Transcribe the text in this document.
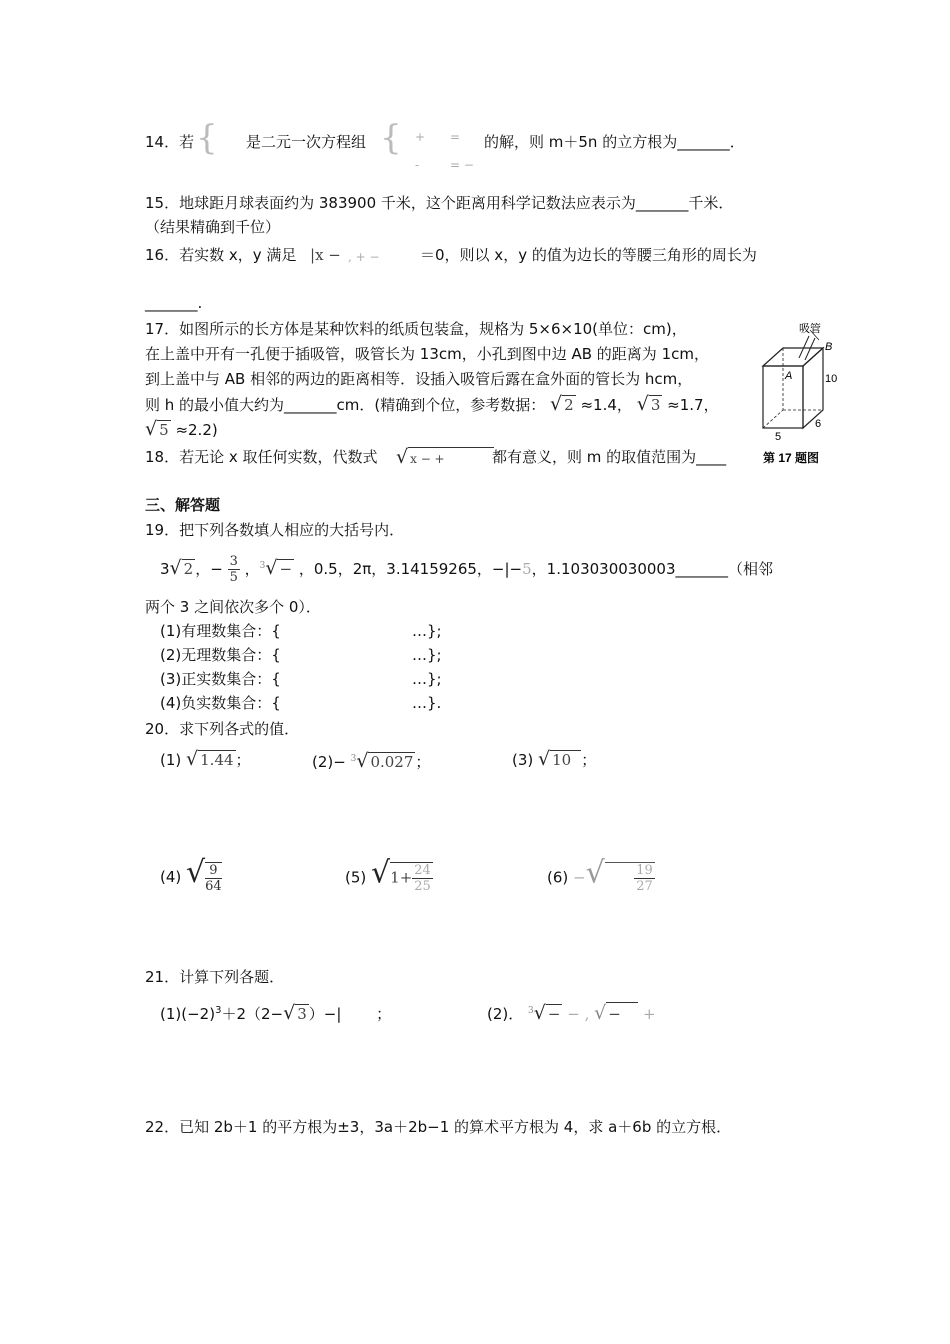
14．若 { 是二元一次方程组 { + =
-	= −
的解，则 m＋5n 的立方根为_______．
15．地球距月球表面约为 383900 千米，这个距离用科学记数法应表示为_______千米．
（结果精确到千位）
16．若实数 x，y 满足 |x − , + −	＝0，则以 x，y 的值为边长的等腰三角形的周长为
_______.
17．如图所示的长方体是某种饮料的纸质包装盒，规格为 5×6×10(单位：cm)，
在上盖中开有一孔便于插吸管，吸管长为 13cm，小孔到图中边 AB 的距离为 1cm，
到上盖中与 AB 相邻的两边的距离相等．设插入吸管后露在盒外面的管长为 hcm，
则 h 的最小值大约为_______cm．(精确到个位，参考数据： √ 2 ≈1.4， √ 3 ≈1.7，
√ 5 ≈2.2)
吸管
B
A	10
6
5
第 17 题图
18．若无论 x 取任何实数，代数式 √ x − +	都有意义，则 m 的取值范围为____
三、解答题
19．把下列各数填人相应的大括号内．
3√ 2 ，− $\frac{3}{5}$ ，$^3$√ − ，0.5，2π，3.14159265，−|−5，1.103030030003_______（相邻
两个 3 之间依次多个 0）．
(1)有理数集合：{	…};
(2)无理数集合：{	…};
(3)正实数集合：{	…};
(4)负实数集合：{	…}.
20．求下列各式的值．
(1) √ 1.44 ；	(2)− $^3$√ 0.027 ；	(3) √ 10 ；
(4) √ $\frac{9}{64}$	(5) $√1+ \frac{24}{25}$	(6) −√ $\frac{19}{27}$
21．计算下列各题．
$(1)(-2)^3+2(2-√$ 3 ）−| ；	(2)． $^3$√ − − , √ − +
22．已知 2b＋1 的平方根为±3，3a＋2b−1 的算术平方根为 4，求 a＋6b 的立方根．
